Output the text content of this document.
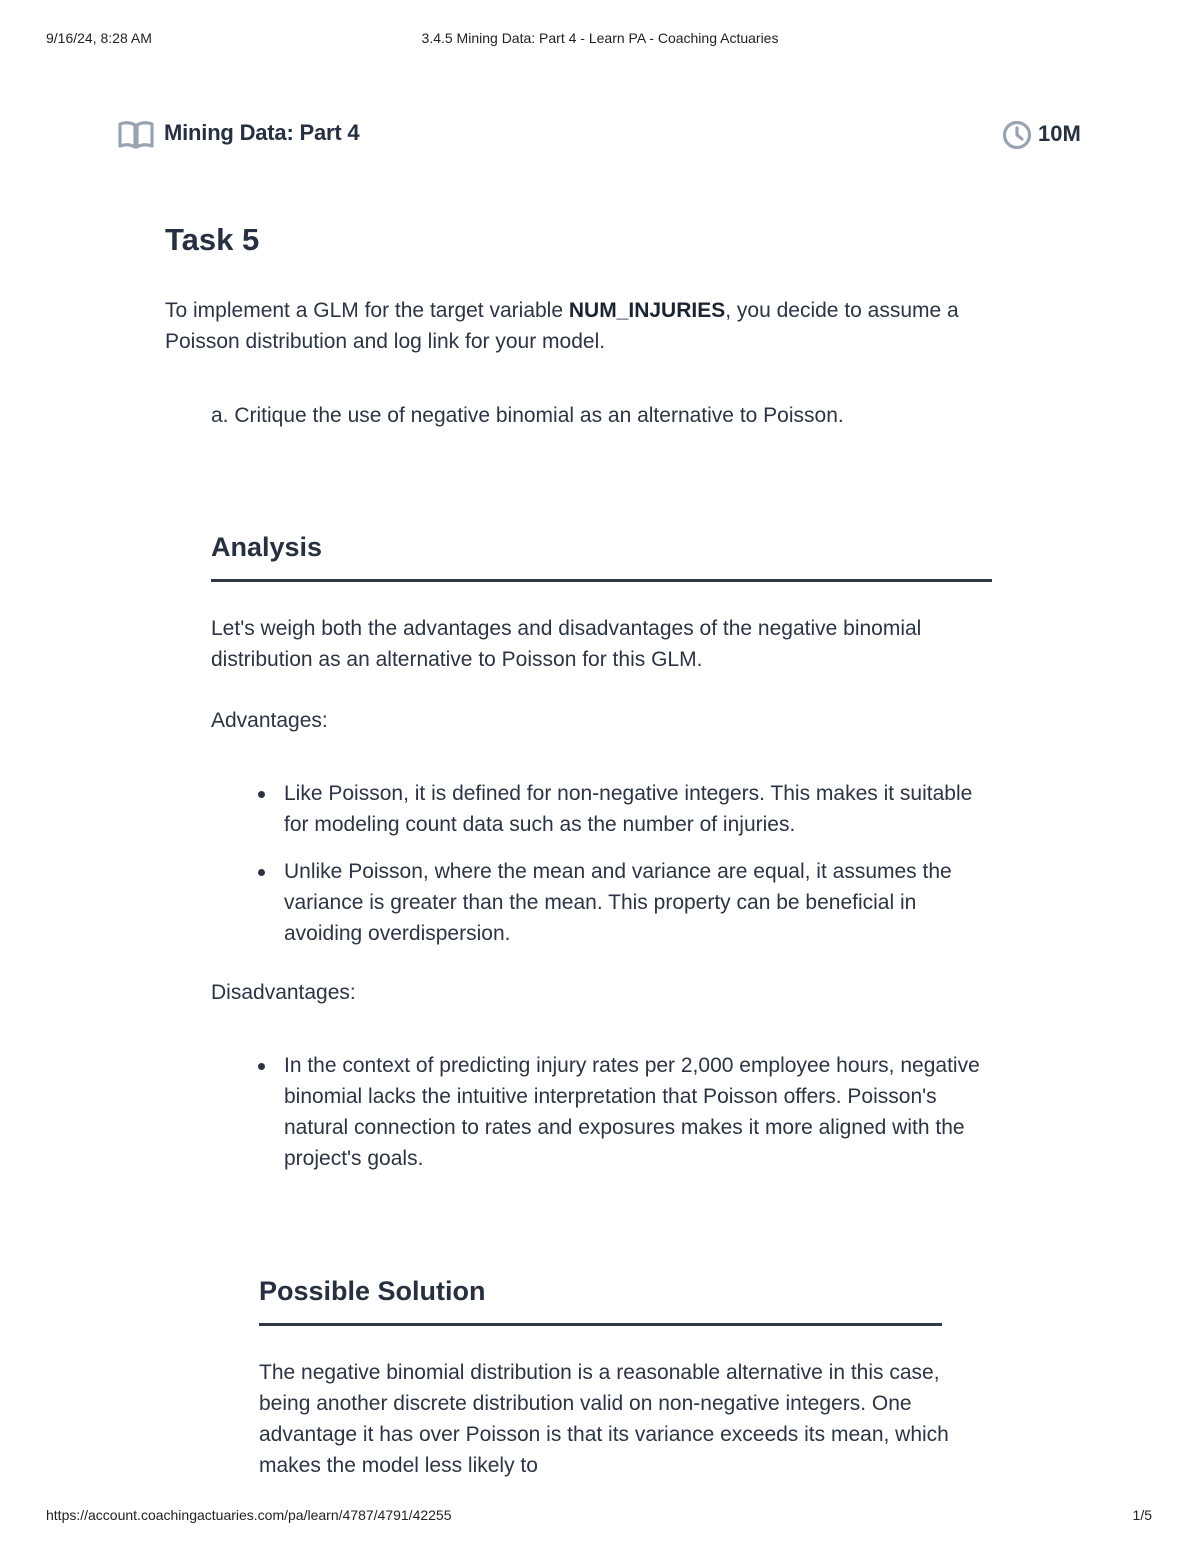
9/16/24, 8:28 AM	3.4.5 Mining Data: Part 4 - Learn PA - Coaching Actuaries
Mining Data: Part 4	10M
Task 5

To implement a GLM for the target variable NUM_INJURIES, you decide to assume a Poisson distribution and log link for your model.

a. Critique the use of negative binomial as an alternative to Poisson.

Analysis

Let's weigh both the advantages and disadvantages of the negative binomial distribution as an alternative to Poisson for this GLM.

Advantages:

Like Poisson, it is defined for non-negative integers. This makes it suitable for modeling count data such as the number of injuries.
Unlike Poisson, where the mean and variance are equal, it assumes the variance is greater than the mean. This property can be beneficial in avoiding overdispersion.

Disadvantages:

In the context of predicting injury rates per 2,000 employee hours, negative binomial lacks the intuitive interpretation that Poisson offers. Poisson's natural connection to rates and exposures makes it more aligned with the project's goals.
Possible Solution

The negative binomial distribution is a reasonable alternative in this case, being another discrete distribution valid on non-negative integers. One advantage it has over Poisson is that its variance exceeds its mean, which makes the model less likely to

https://account.coachingactuaries.com/pa/learn/4787/4791/42255	1/5
